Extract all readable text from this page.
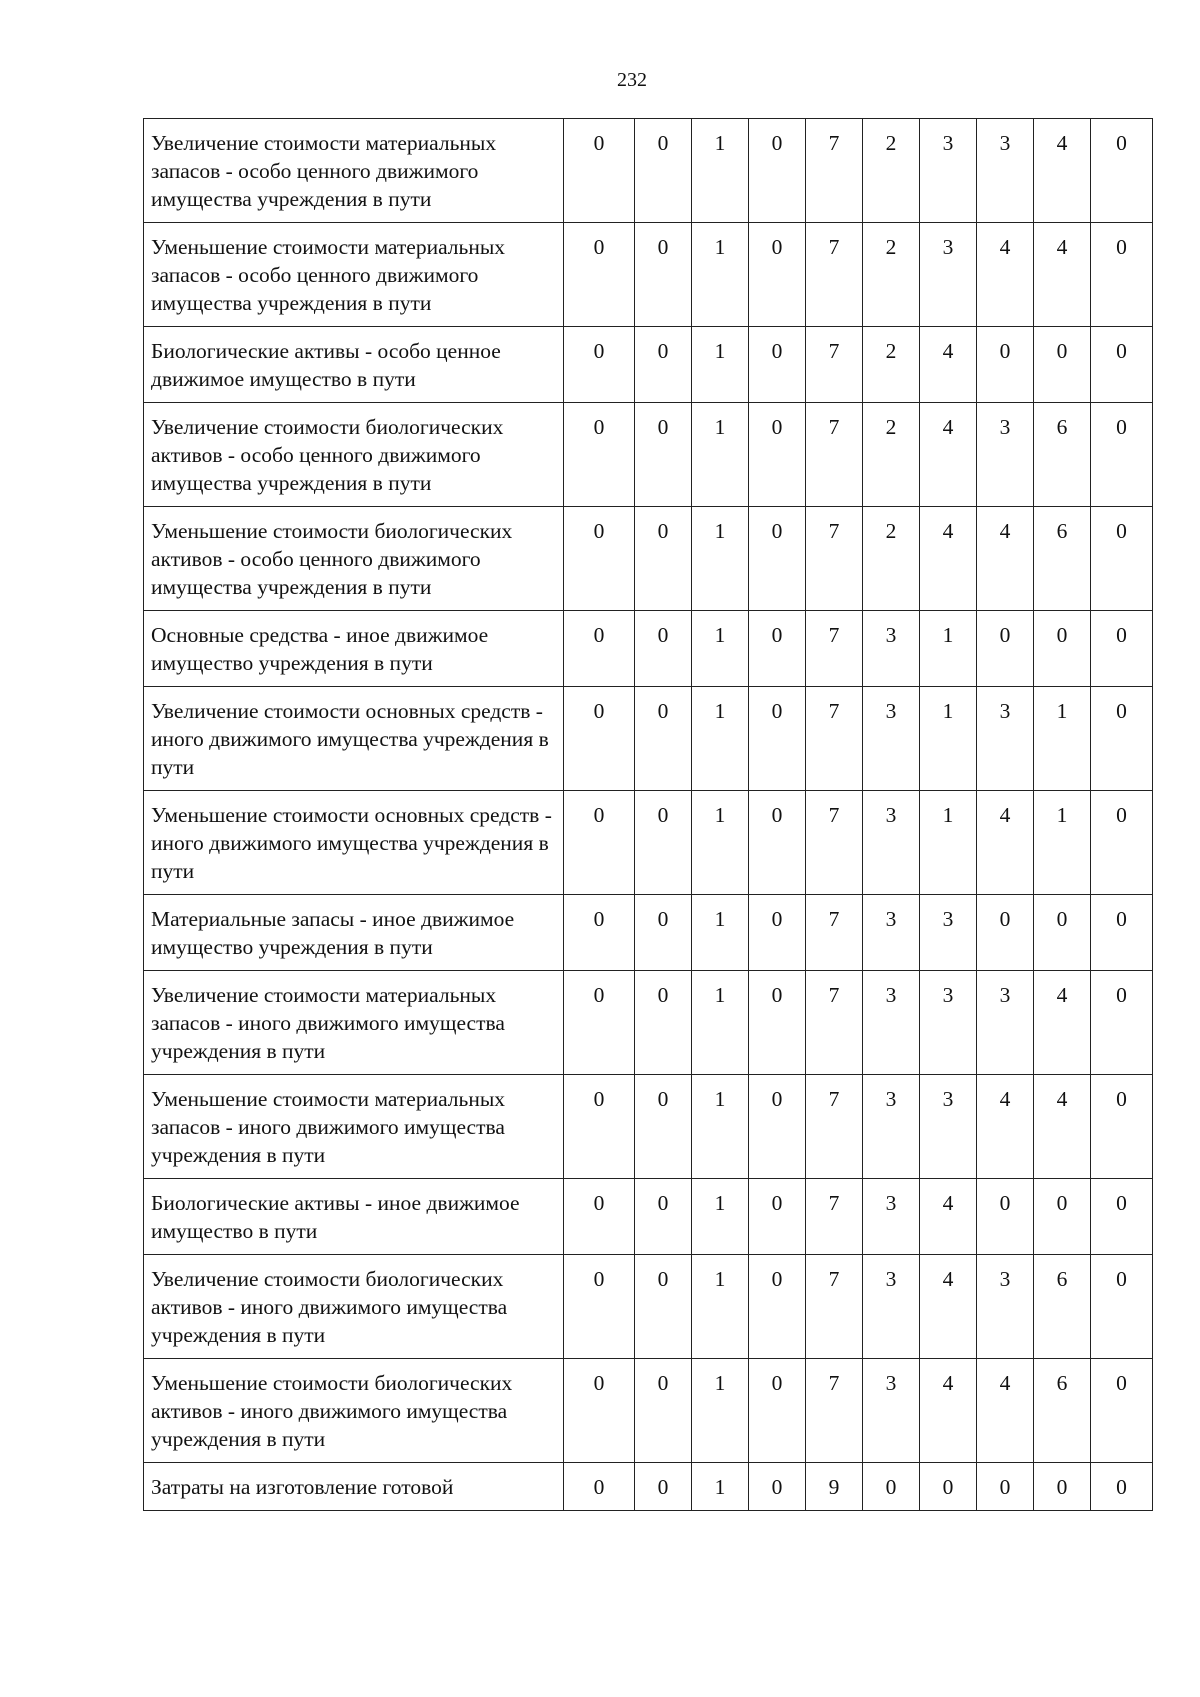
232
Увеличение стоимости материальных запасов - особо ценного движимого имущества учреждения в пути	0	0	1	0	7	2	3	3	4	0
Уменьшение стоимости материальных запасов - особо ценного движимого имущества учреждения в пути	0	0	1	0	7	2	3	4	4	0
Биологические активы - особо ценное движимое имущество в пути	0	0	1	0	7	2	4	0	0	0
Увеличение стоимости биологических активов - особо ценного движимого имущества учреждения в пути	0	0	1	0	7	2	4	3	6	0
Уменьшение стоимости биологических активов - особо ценного движимого имущества учреждения в пути	0	0	1	0	7	2	4	4	6	0
Основные средства - иное движимое имущество учреждения в пути	0	0	1	0	7	3	1	0	0	0
Увеличение стоимости основных средств - иного движимого имущества учреждения в пути	0	0	1	0	7	3	1	3	1	0
Уменьшение стоимости основных средств - иного движимого имущества учреждения в пути	0	0	1	0	7	3	1	4	1	0
Материальные запасы - иное движимое имущество учреждения в пути	0	0	1	0	7	3	3	0	0	0
Увеличение стоимости материальных запасов - иного движимого имущества учреждения в пути	0	0	1	0	7	3	3	3	4	0
Уменьшение стоимости материальных запасов - иного движимого имущества учреждения в пути	0	0	1	0	7	3	3	4	4	0
Биологические активы - иное движимое имущество в пути	0	0	1	0	7	3	4	0	0	0
Увеличение стоимости биологических активов - иного движимого имущества учреждения в пути	0	0	1	0	7	3	4	3	6	0
Уменьшение стоимости биологических активов - иного движимого имущества учреждения в пути	0	0	1	0	7	3	4	4	6	0
Затраты на изготовление готовой	0	0	1	0	9	0	0	0	0	0
